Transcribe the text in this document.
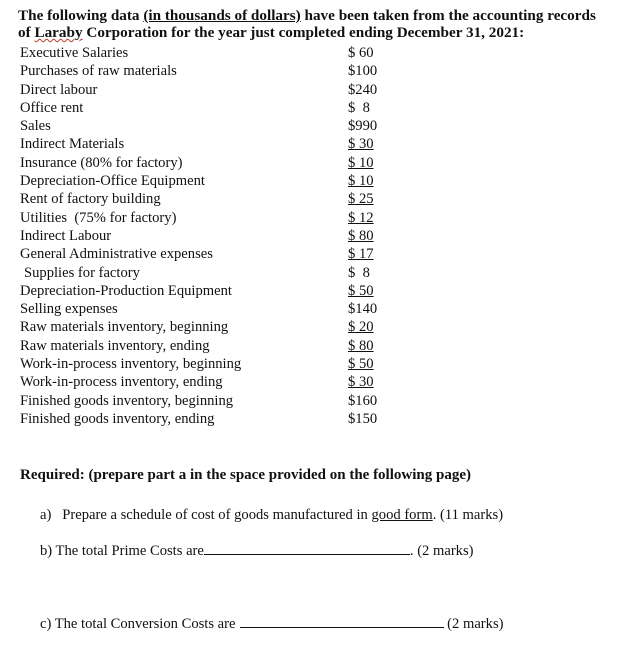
The following data (in thousands of dollars) have been taken from the accounting records
of Laraby Corporation for the year just completed ending December 31, 2021:
Executive Salaries	$ 60
Purchases of raw materials	$100
Direct labour	$240
Office rent	$  8
Sales	$990
Indirect Materials	$ 30
Insurance (80% for factory)	$ 10
Depreciation-Office Equipment	$ 10
Rent of factory building	$ 25
Utilities  (75% for factory)	$ 12
Indirect Labour	$ 80
General Administrative expenses	$ 17
Supplies for factory	$  8
Depreciation-Production Equipment	$ 50
Selling expenses	$140
Raw materials inventory, beginning	$ 20
Raw materials inventory, ending	$ 80
Work-in-process inventory, beginning	$ 50
Work-in-process inventory, ending	$ 30
Finished goods inventory, beginning	$160
Finished goods inventory, ending	$150
Required: (prepare part a in the space provided on the following page)
a)   Prepare a schedule of cost of goods manufactured in good form. (11 marks)
b) The total Prime Costs are	. (2 marks)
c) The total Conversion Costs are	(2 marks)
